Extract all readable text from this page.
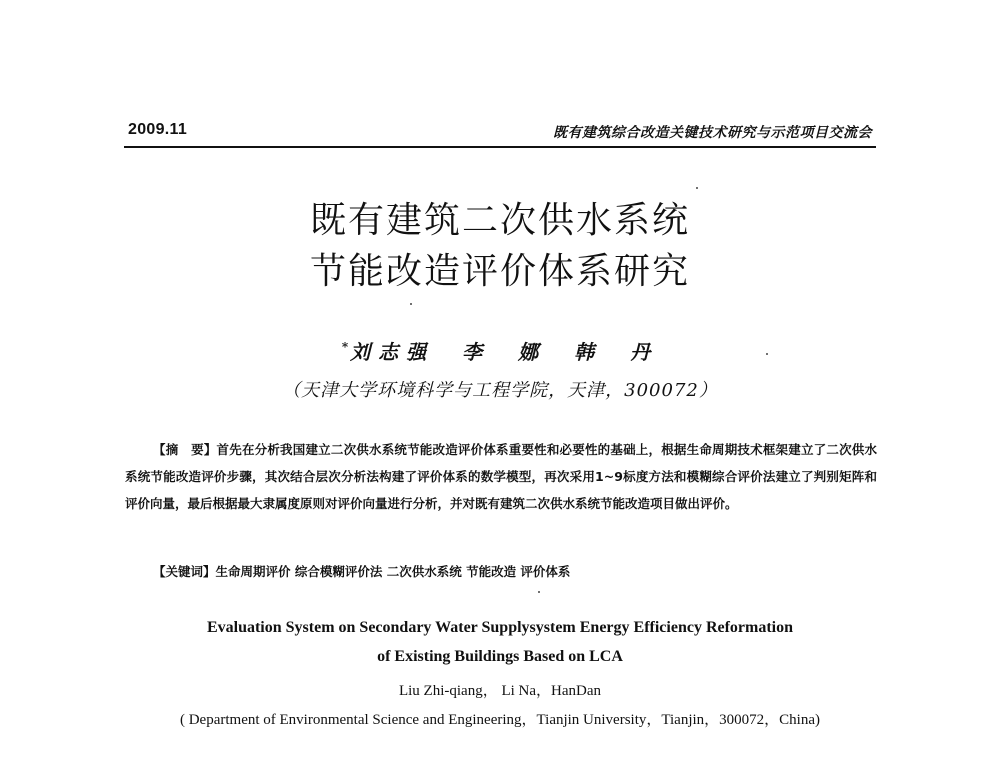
2009.11	既有建筑综合改造关键技术研究与示范项目交流会
既有建筑二次供水系统
节能改造评价体系研究
* 刘志强　李　娜　韩　丹
（天津大学环境科学与工程学院，天津，300072）
【摘　要】首先在分析我国建立二次供水系统节能改造评价体系重要性和必要性的基础上，根据生命周期技术框架建立了二次供水系统节能改造评价步骤，其次结合层次分析法构建了评价体系的数学模型，再次采用1~9标度方法和模糊综合评价法建立了判别矩阵和评价向量，最后根据最大隶属度原则对评价向量进行分析，并对既有建筑二次供水系统节能改造项目做出评价。
【关键词】生命周期评价 综合模糊评价法 二次供水系统 节能改造 评价体系
Evaluation System on Secondary Water Supplysystem Energy Efficiency Reformation
of Existing Buildings Based on LCA
Liu Zhi-qiang， Li Na，HanDan
( Department of Environmental Science and Engineering，Tianjin University，Tianjin，300072，China)
